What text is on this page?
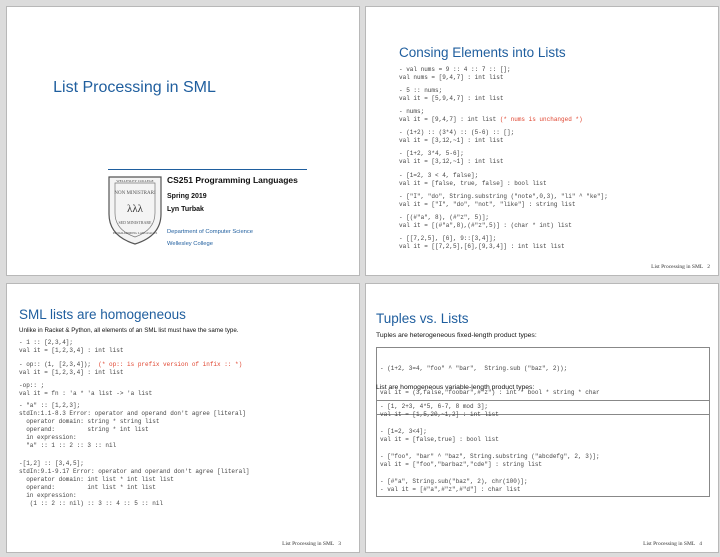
List Processing in SML
WELLESLEY COLLEGE
NON MINISTRARI
λλλ
SED MINISTRARE
PROGRAMMING LANGUAGES
CS251 Programming Languages
Spring 2019
Lyn Turbak
Department of Computer Science
Wellesley College
Consing Elements into Lists
- val nums = 9 :: 4 :: 7 :: [];
val nums = [9,4,7] : int list
- 5 :: nums;
val it = [5,9,4,7] : int list
- nums;
val it = [9,4,7] : int list (* nums is unchanged *)
- (1+2) :: (3*4) :: (5-6) :: [];
val it = [3,12,~1] : int list
- [1+2, 3*4, 5-6];
val it = [3,12,~1] : int list
- [1=2, 3 < 4, false];
val it = [false, true, false] : bool list
- ["I", "do", String.substring ("note",0,3), "li" ^ "ke"];
val it = ["I", "do", "not", "like"] : string list
- [(#"a", 8), (#"z", 5)];
val it = [(#"a",8),(#"z",5)] : (char * int) list
- [[7,2,5], [6], 9::[3,4]];
val it = [[7,2,5],[6],[9,3,4]] : int list list
List Processing in SML 2
SML lists are homogeneous
Unlike in Racket & Python, all elements of an SML list must have the same type.
- 1 :: [2,3,4];
val it = [1,2,3,4] : int list
- op:: (1, [2,3,4]);  (* op:: is prefix version of infix :: *)
val it = [1,2,3,4] : int list
-op:: ;
val it = fn : 'a * 'a list -> 'a list
- "a" :: [1,2,3];
stdIn:1.1-8.3 Error: operator and operand don't agree [literal]
operator domain: string * string list
operand:         string * int list
in expression:
"a" :: 1 :: 2 :: 3 :: nil
-[1,2] :: [3,4,5];
stdIn:9.1-9.17 Error: operator and operand don't agree [literal]
operator domain: int list * int list list
operand:         int list * int list
in expression:
(1 :: 2 :: nil) :: 3 :: 4 :: 5 :: nil
List Processing in SML 3
Tuples vs. Lists
Tuples are heterogeneous fixed-length product types:

- (1+2, 3=4, "foo" ^ "bar",  String.sub ("baz", 2));

val it = (3,false,"foobar",#"z") : int * bool * string * char

List are homogeneous variable-length product types:
- [1, 2+3, 4*5, 6-7, 8 mod 3];
val it = [1,5,20,~1,2] : int list
- [1=2, 3<4];
val it = [false,true] : bool list
- ["foo", "bar" ^ "baz", String.substring ("abcdefg", 2, 3)];
val it = ["foo","barbaz","cde"] : string list
- [#"a", String.sub("baz", 2), chr(100)];
- val it = [#"a",#"z",#"d"] : char list
List Processing in SML 4
